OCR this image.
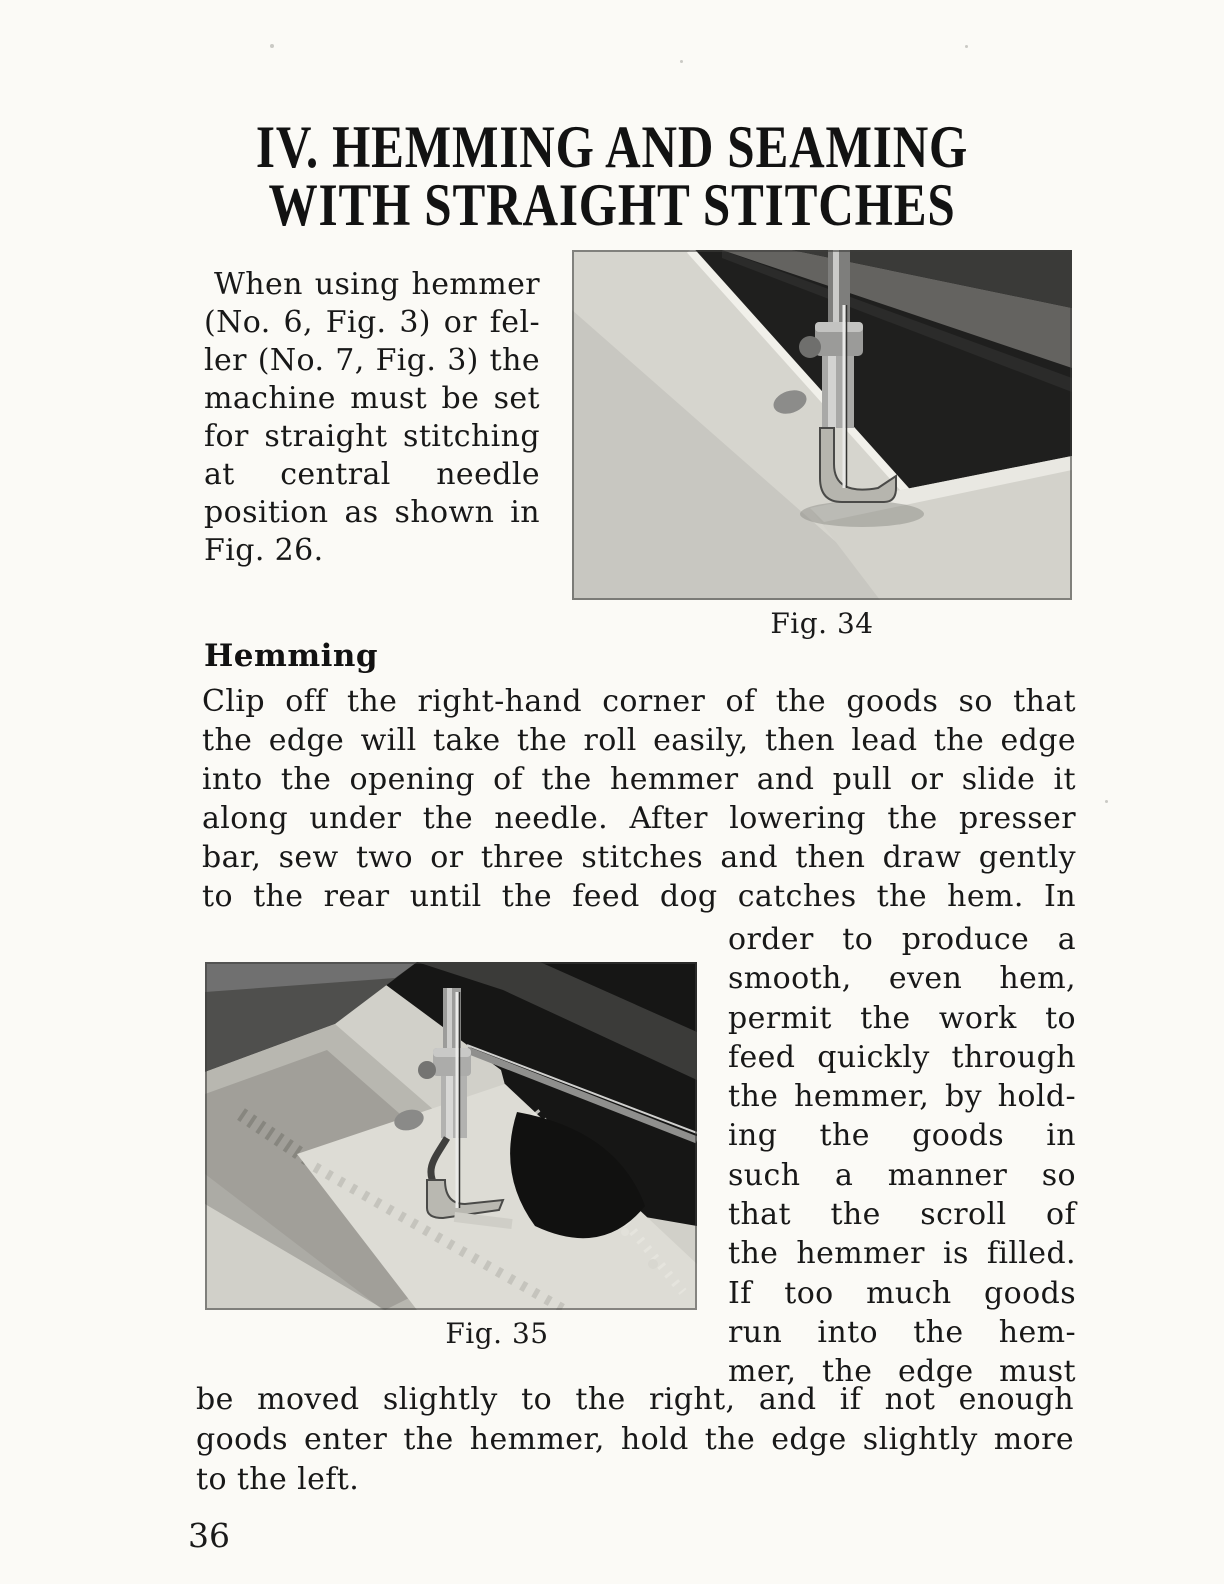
IV. HEMMING AND SEAMING
WITH STRAIGHT STITCHES
When using hemmer
(No. 6, Fig. 3) or fel-
ler (No. 7, Fig. 3) the
machine must be set
for straight stitching
at central needle
position as shown in
Fig. 26.
Fig. 34
Hemming
Clip off the right-hand corner of the goods so that
the edge will take the roll easily, then lead the edge
into the opening of the hemmer and pull or slide it
along under the needle. After lowering the presser
bar, sew two or three stitches and then draw gently
to the rear until the feed dog catches the hem. In
order to produce a
smooth, even hem,
permit the work to
feed quickly through
the hemmer, by hold-
ing the goods in
such a manner so
that the scroll of
the hemmer is filled.
If too much goods
run into the hem-
mer, the edge must
Fig. 35
be moved slightly to the right, and if not enough
goods enter the hemmer, hold the edge slightly more
to the left.
36
